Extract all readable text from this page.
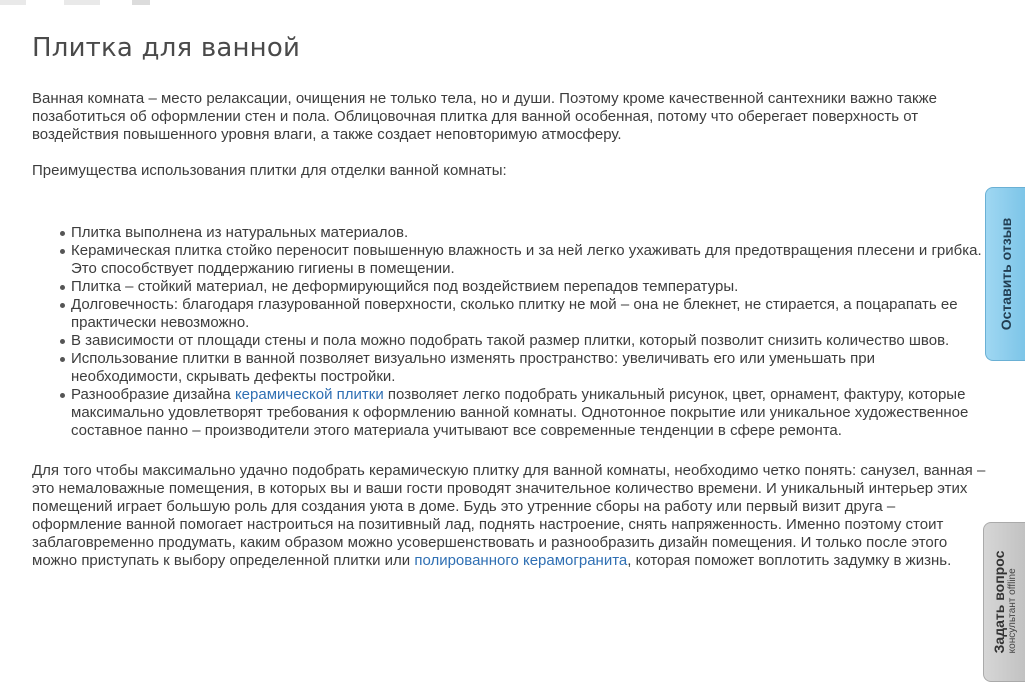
Плитка для ванной

Ванная комната – место релаксации, очищения не только тела, но и души. Поэтому кроме качественной сантехники важно также позаботиться об оформлении стен и пола. Облицовочная плитка для ванной особенная, потому что оберегает поверхность от воздействия повышенного уровня влаги, а также создает неповторимую атмосферу.

Преимущества использования плитки для отделки ванной комнаты:

Плитка выполнена из натуральных материалов.
Керамическая плитка стойко переносит повышенную влажность и за ней легко ухаживать для предотвращения плесени и грибка. Это способствует поддержанию гигиены в помещении.
Плитка – стойкий материал, не деформирующийся под воздействием перепадов температуры.
Долговечность: благодаря глазурованной поверхности, сколько плитку не мой – она не блекнет, не стирается, а поцарапать ее практически невозможно.
В зависимости от площади стены и пола можно подобрать такой размер плитки, который позволит снизить количество швов.
Использование плитки в ванной позволяет визуально изменять пространство: увеличивать его или уменьшать при необходимости, скрывать дефекты постройки.
Разнообразие дизайна керамической плитки позволяет легко подобрать уникальный рисунок, цвет, орнамент, фактуру, которые максимально удовлетворят требования к оформлению ванной комнаты. Однотонное покрытие или уникальное художественное составное панно – производители этого материала учитывают все современные тенденции в сфере ремонта.

Для того чтобы максимально удачно подобрать керамическую плитку для ванной комнаты, необходимо четко понять: санузел, ванная – это немаловажные помещения, в которых вы и ваши гости проводят значительное количество времени. И уникальный интерьер этих помещений играет большую роль для создания уюта в доме. Будь это утренние сборы на работу или первый визит друга – оформление ванной помогает настроиться на позитивный лад, поднять настроение, снять напряженность. Именно поэтому стоит заблаговременно продумать, каким образом можно усовершенствовать и разнообразить дизайн помещения. И только после этого можно приступать к выбору определенной плитки или полированного керамогранита, которая поможет воплотить задумку в жизнь.

Оставить отзыв
Задать вопрос консультант offline
